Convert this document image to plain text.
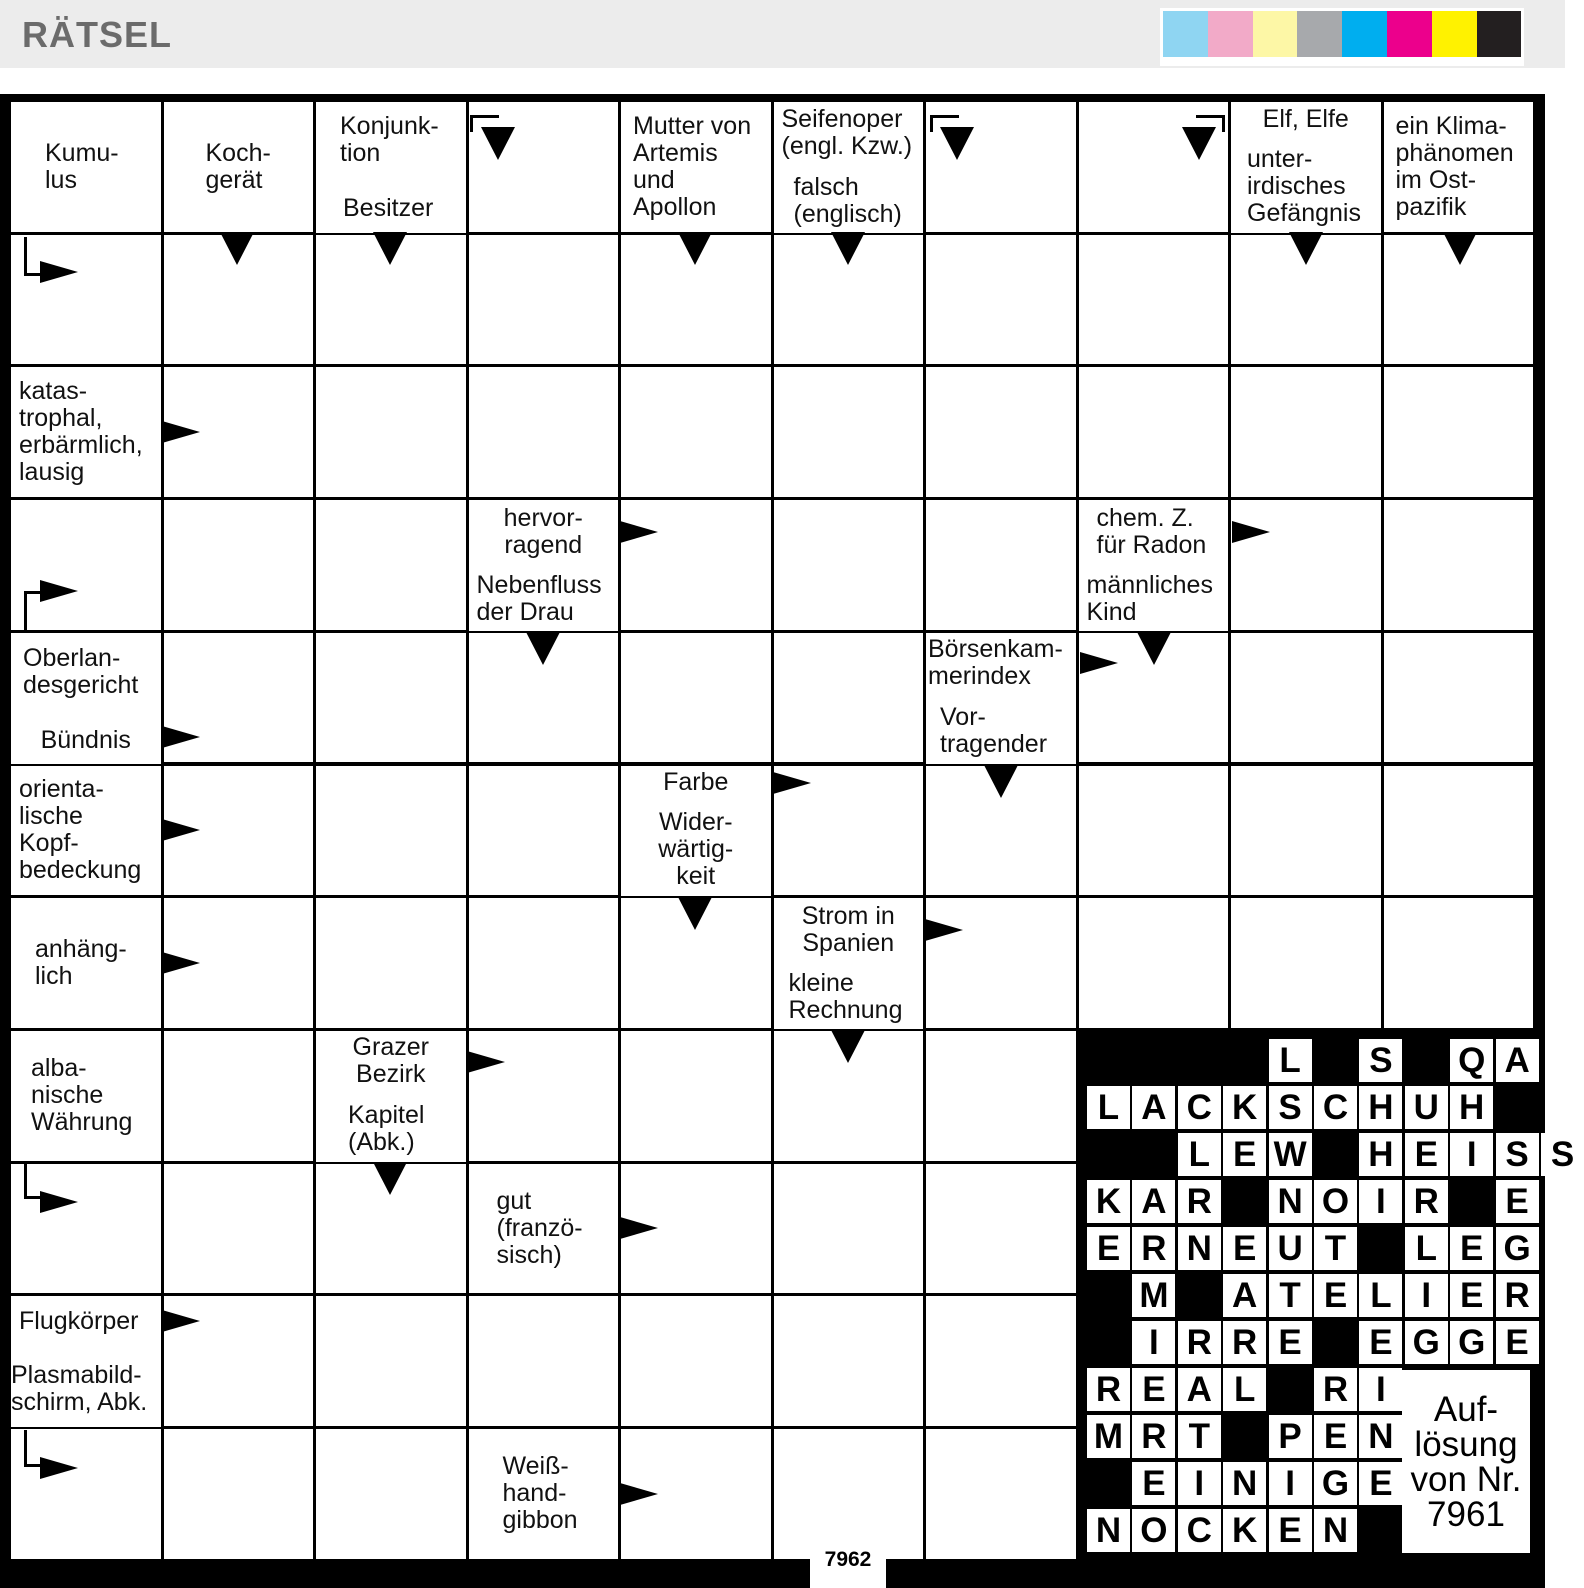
RÄTSEL
Kumu-
lus
Koch-
gerät
Konjunk-
tion
Besitzer
Mutter von
Artemis
und
Apollon
Seifenoper
(engl. Kzw.)
falsch
(englisch)
Elf, Elfe
unter-
irdisches
Gefängnis
ein Klima-
phänomen
im Ost-
pazifik
katas-
trophal,
erbärmlich,
lausig
hervor-
ragend
Nebenfluss
der Drau
chem. Z.
für Radon
männliches
Kind
Oberlan-
desgericht
Bündnis
Börsenkam-
merindex
Vor-
tragender
orienta-
lische
Kopf-
bedeckung
Farbe
Wider-
wärtig-
keit
anhäng-
lich
Strom in
Spanien
kleine
Rechnung
alba-
nische
Währung
Grazer
Bezirk
Kapitel
(Abk.)
gut
(franzö-
sisch)
Flugkörper
Plasmabild-
schirm, Abk.
Weiß-
hand-
gibbon
L	S Q A
L A C K S C H U H
L E W H E I S S
K A R N O I R E
E R N E U T	L E G
M A T E L I E R
I R R E E G G E
R E A L	R I
M R T	P E N
E I N I G E
N O C K E N
Auf-
lösung
von Nr.
7961
7962
